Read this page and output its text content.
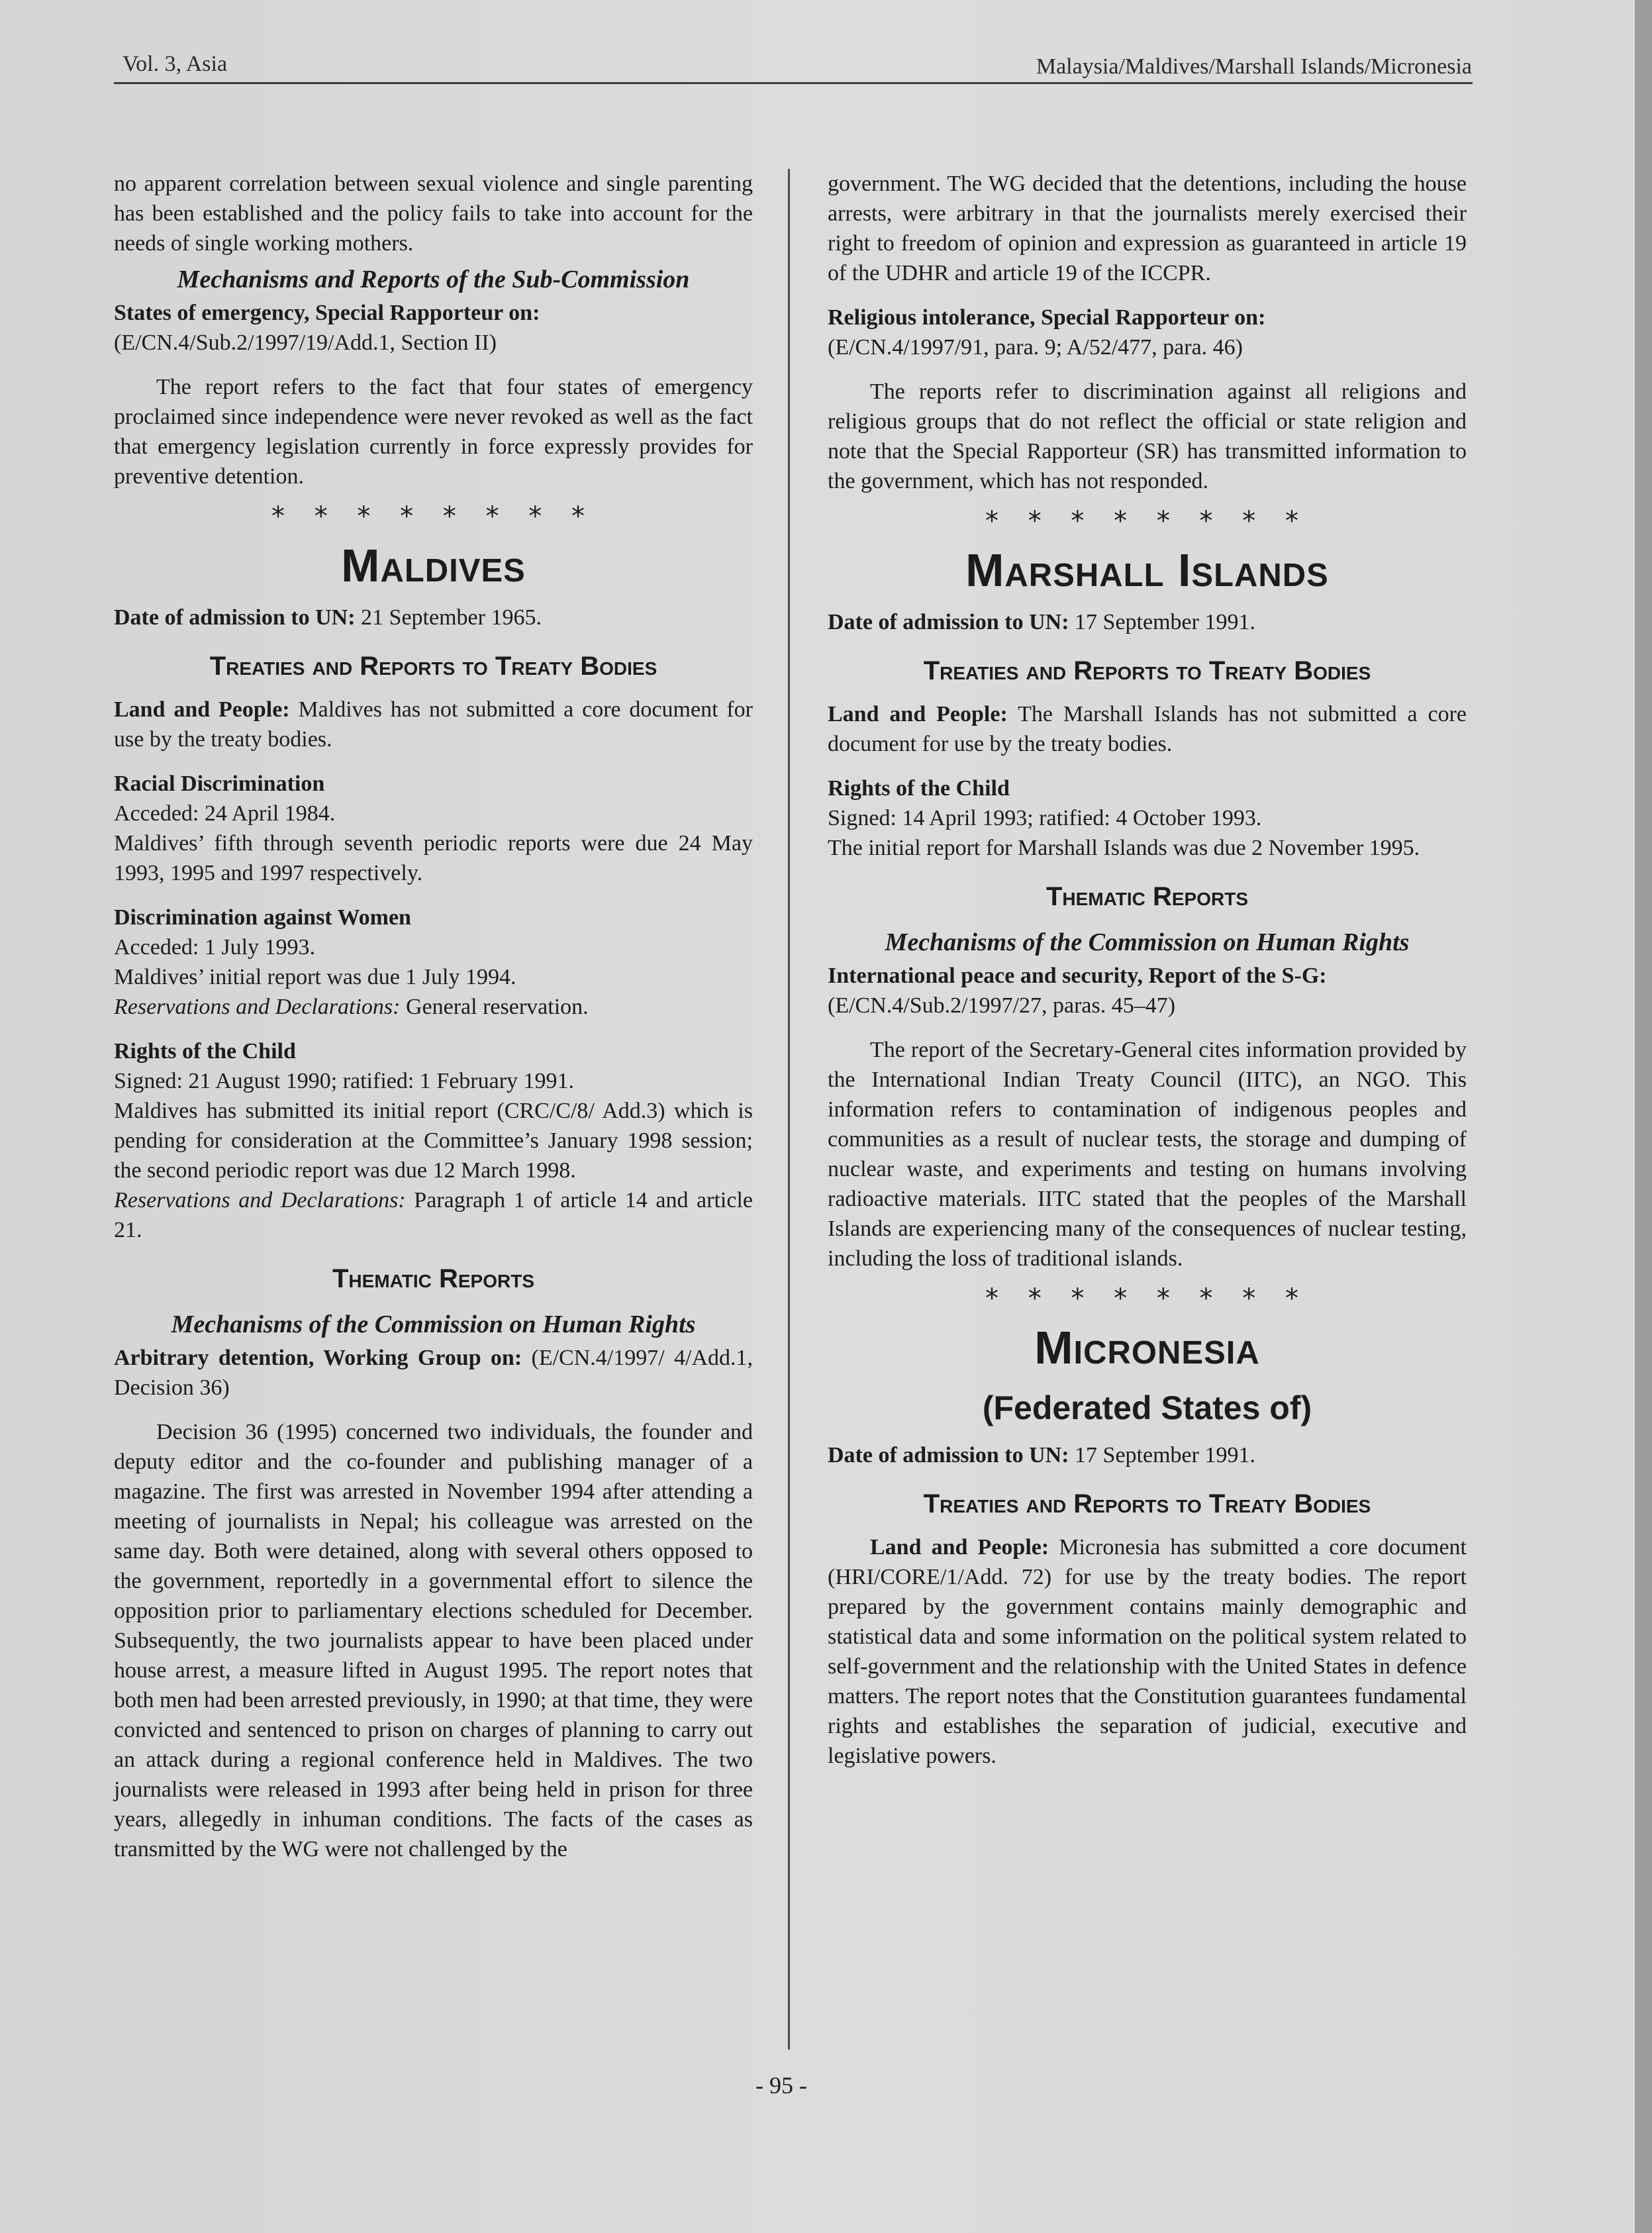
Vol. 3, Asia	Malaysia/Maldives/Marshall Islands/Micronesia

no apparent correlation between sexual violence and single parenting has been established and the policy fails to take into account for the needs of single working mothers.

Mechanisms and Reports of the Sub-Commission

States of emergency, Special Rapporteur on:

(E/CN.4/Sub.2/1997/19/Add.1, Section II)

The report refers to the fact that four states of emergency proclaimed since independence were never revoked as well as the fact that emergency legislation currently in force expressly provides for preventive detention.

* * * * * * * *
Maldives

Date of admission to UN: 21 September 1965.

Treaties and Reports to Treaty Bodies

Land and People: Maldives has not submitted a core document for use by the treaty bodies.

Racial Discrimination

Acceded: 24 April 1984.

Maldives’ fifth through seventh periodic reports were due 24 May 1993, 1995 and 1997 respectively.

Discrimination against Women

Acceded: 1 July 1993.

Maldives’ initial report was due 1 July 1994.

Reservations and Declarations: General reservation.

Rights of the Child

Signed: 21 August 1990; ratified: 1 February 1991.

Maldives has submitted its initial report (CRC/C/8/ Add.3) which is pending for consideration at the Committee’s January 1998 session; the second periodic report was due 12 March 1998.

Reservations and Declarations: Paragraph 1 of article 14 and article 21.

Thematic Reports
Mechanisms of the Commission on Human Rights

Arbitrary detention, Working Group on: (E/CN.4/1997/ 4/Add.1, Decision 36)

Decision 36 (1995) concerned two individuals, the founder and deputy editor and the co-founder and publishing manager of a magazine. The first was arrested in November 1994 after attending a meeting of journalists in Nepal; his colleague was arrested on the same day. Both were detained, along with several others opposed to the government, reportedly in a governmental effort to silence the opposition prior to parliamentary elections scheduled for December. Subsequently, the two journalists appear to have been placed under house arrest, a measure lifted in August 1995. The report notes that both men had been arrested previously, in 1990; at that time, they were convicted and sentenced to prison on charges of planning to carry out an attack during a regional conference held in Maldives. The two journalists were released in 1993 after being held in prison for three years, allegedly in inhuman conditions. The facts of the cases as transmitted by the WG were not challenged by the

government. The WG decided that the detentions, including the house arrests, were arbitrary in that the journalists merely exercised their right to freedom of opinion and expression as guaranteed in article 19 of the UDHR and article 19 of the ICCPR.

Religious intolerance, Special Rapporteur on:

(E/CN.4/1997/91, para. 9; A/52/477, para. 46)

The reports refer to discrimination against all religions and religious groups that do not reflect the official or state religion and note that the Special Rapporteur (SR) has transmitted information to the government, which has not responded.

* * * * * * * *
Marshall Islands

Date of admission to UN: 17 September 1991.

Treaties and Reports to Treaty Bodies

Land and People: The Marshall Islands has not submitted a core document for use by the treaty bodies.

Rights of the Child

Signed: 14 April 1993; ratified: 4 October 1993.

The initial report for Marshall Islands was due 2 November 1995.

Thematic Reports
Mechanisms of the Commission on Human Rights

International peace and security, Report of the S-G:

(E/CN.4/Sub.2/1997/27, paras. 45–47)

The report of the Secretary-General cites information provided by the International Indian Treaty Council (IITC), an NGO. This information refers to contamination of indigenous peoples and communities as a result of nuclear tests, the storage and dumping of nuclear waste, and experiments and testing on humans involving radioactive materials. IITC stated that the peoples of the Marshall Islands are experiencing many of the consequences of nuclear testing, including the loss of traditional islands.

* * * * * * * *
Micronesia
(Federated States of)

Date of admission to UN: 17 September 1991.

Treaties and Reports to Treaty Bodies

Land and People: Micronesia has submitted a core document (HRI/CORE/1/Add. 72) for use by the treaty bodies. The report prepared by the government contains mainly demographic and statistical data and some information on the political system related to self-government and the relationship with the United States in defence matters. The report notes that the Constitution guarantees fundamental rights and establishes the separation of judicial, executive and legislative powers.

- 95 -
